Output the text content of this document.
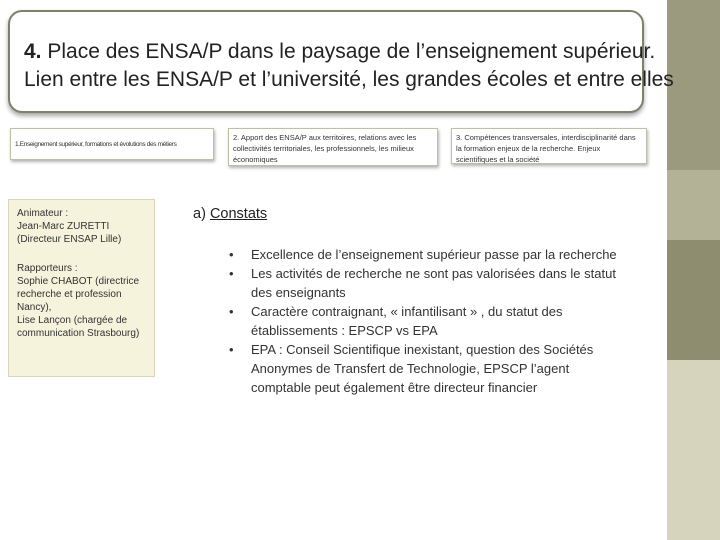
4. Place des ENSA/P dans le paysage de l’enseignement supérieur.
Lien entre les ENSA/P et l’université, les grandes écoles et entre elles
1.Enseignement supérieur, formations et évolutions des métiers
2. Apport des ENSA/P aux territoires, relations avec les collectivités territoriales, les professionnels, les milieux économiques
3. Compétences transversales, interdisciplinarité dans la formation enjeux de la recherche. Enjeux scientifiques et la société

Animateur :

Jean-Marc ZURETTI

(Directeur ENSAP Lille)

Rapporteurs :

Sophie CHABOT (directrice recherche et profession Nancy),

Lise Lançon (chargée de communication Strasbourg)

a) Constats
•	Excellence de l’enseignement supérieur passe par la recherche
•	Les activités de recherche ne sont pas valorisées dans le statut des enseignants
•	Caractère contraignant, « infantilisant » , du statut des établissements : EPSCP vs EPA
•	EPA : Conseil Scientifique inexistant, question des Sociétés Anonymes de Transfert de Technologie, EPSCP l’agent comptable peut également être directeur financier
